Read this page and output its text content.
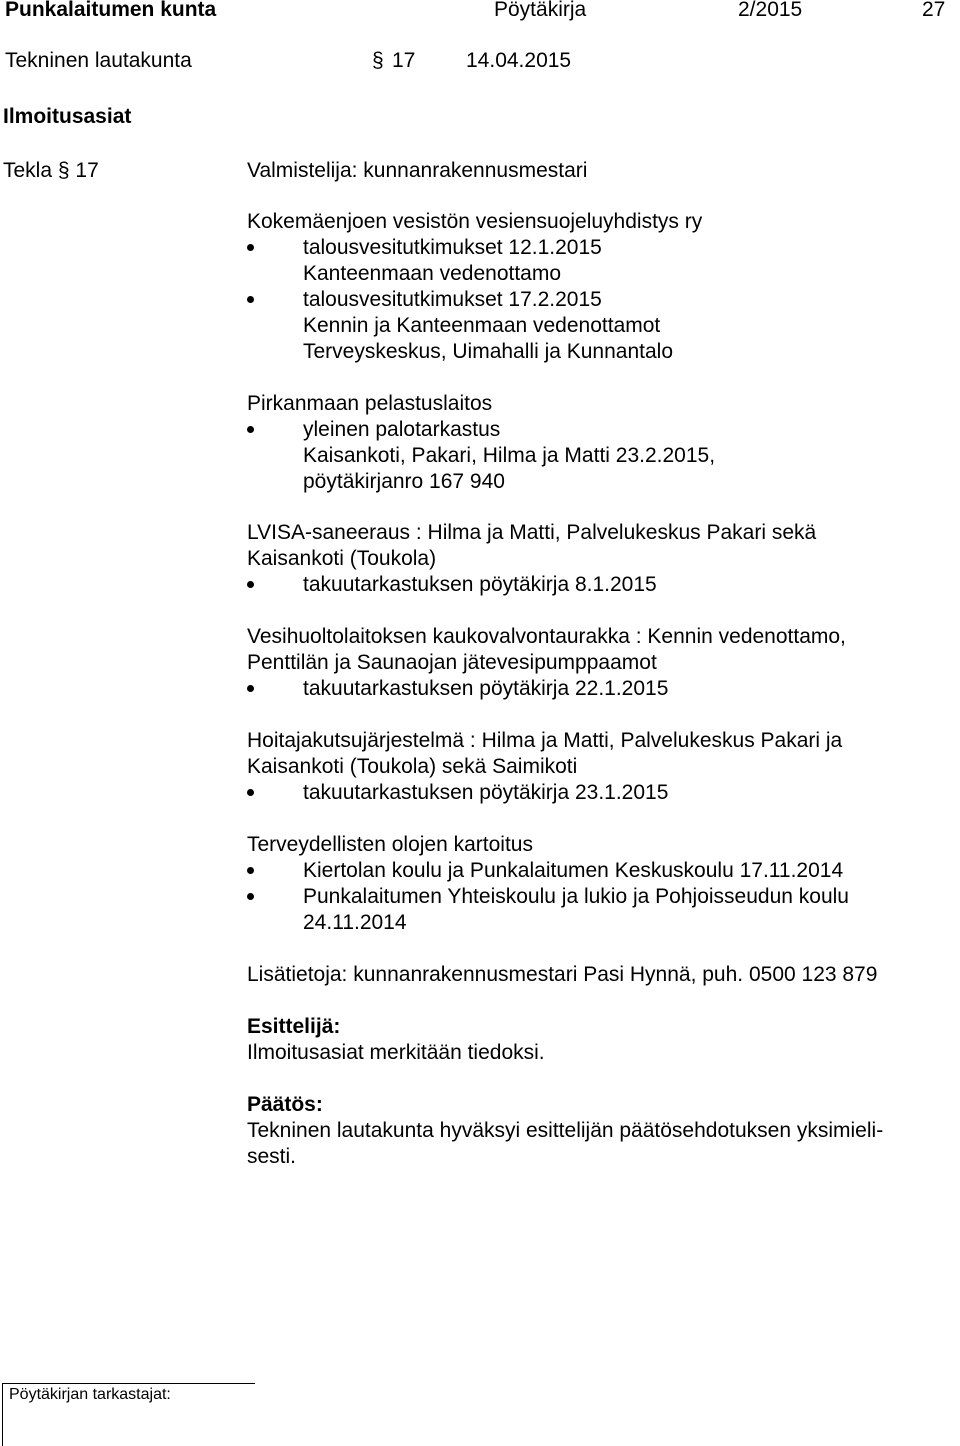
Punkalaitumen kunta	Pöytäkirja	2/2015	27
Tekninen lautakunta	§ 17 14.04.2015
Ilmoitusasiat
Tekla § 17	Valmistelija: kunnanrakennusmestari
Kokemäenjoen vesistön vesiensuojeluyhdistys ry
talousvesitutkimukset 12.1.2015
Kanteenmaan vedenottamo
talousvesitutkimukset 17.2.2015
Kennin ja Kanteenmaan vedenottamot
Terveyskeskus, Uimahalli ja Kunnantalo
Pirkanmaan pelastuslaitos
yleinen palotarkastus
Kaisankoti, Pakari, Hilma ja Matti 23.2.2015,
pöytäkirjanro 167 940
LVISA-saneeraus : Hilma ja Matti, Palvelukeskus Pakari sekä
Kaisankoti (Toukola)
takuutarkastuksen pöytäkirja 8.1.2015
Vesihuoltolaitoksen kaukovalvontaurakka : Kennin vedenottamo,
Penttilän ja Saunaojan jätevesipumppaamot
takuutarkastuksen pöytäkirja 22.1.2015
Hoitajakutsujärjestelmä : Hilma ja Matti, Palvelukeskus Pakari ja
Kaisankoti (Toukola) sekä Saimikoti
takuutarkastuksen pöytäkirja 23.1.2015
Terveydellisten olojen kartoitus
Kiertolan koulu ja Punkalaitumen Keskuskoulu 17.11.2014
Punkalaitumen Yhteiskoulu ja lukio ja Pohjoisseudun koulu
24.11.2014
Lisätietoja: kunnanrakennusmestari Pasi Hynnä, puh. 0500 123 879
Esittelijä:
Ilmoitusasiat merkitään tiedoksi.
Päätös:
Tekninen lautakunta hyväksyi esittelijän päätösehdotuksen yksimieli-
sesti.
Pöytäkirjan tarkastajat:
